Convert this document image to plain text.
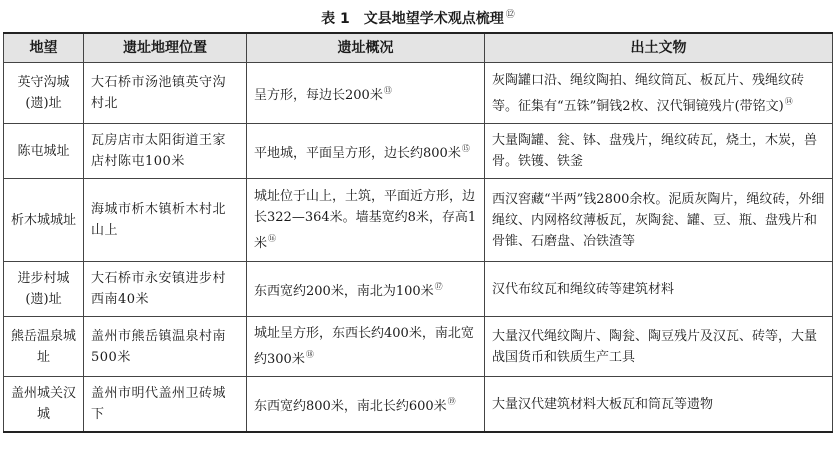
表 1 文县地望学术观点梳理 ⑫
地望	遗址地理位置	遗址概况	出土文物
英守沟城(遗)址	大石桥市汤池镇英守沟村北	呈方形，每边长200米⑬	灰陶罐口沿、绳纹陶拍、绳纹筒瓦、板瓦片、残绳纹砖等。征集有“五铢”铜钱2枚、汉代铜镜残片(带铭文)⑭
陈屯城址	瓦房店市太阳街道王家店村陈屯100米	平地城，平面呈方形，边长约800米⑮	大量陶罐、瓮、钵、盘残片，绳纹砖瓦，烧土，木炭，兽骨。铁镬、铁釜
析木城城址	海城市析木镇析木村北山上	城址位于山上，土筑，平面近方形，边长322—364米。墙基宽约8米，存高1米⑯	西汉窖藏“半两”钱2800余枚。泥质灰陶片，绳纹砖，外细绳纹、内网格纹薄板瓦，灰陶瓮、罐、豆、瓶、盘残片和骨锥、石磨盘、冶铁渣等
进步村城(遗)址	大石桥市永安镇进步村西南40米	东西宽约200米，南北为100米⑰	汉代布纹瓦和绳纹砖等建筑材料
熊岳温泉城址	盖州市熊岳镇温泉村南500米	城址呈方形，东西长约400米，南北宽约300米⑱	大量汉代绳纹陶片、陶瓮、陶豆残片及汉瓦、砖等，大量战国货币和铁质生产工具
盖州城关汉城	盖州市明代盖州卫砖城下	东西宽约800米，南北长约600米⑲	大量汉代建筑材料大板瓦和筒瓦等遗物
